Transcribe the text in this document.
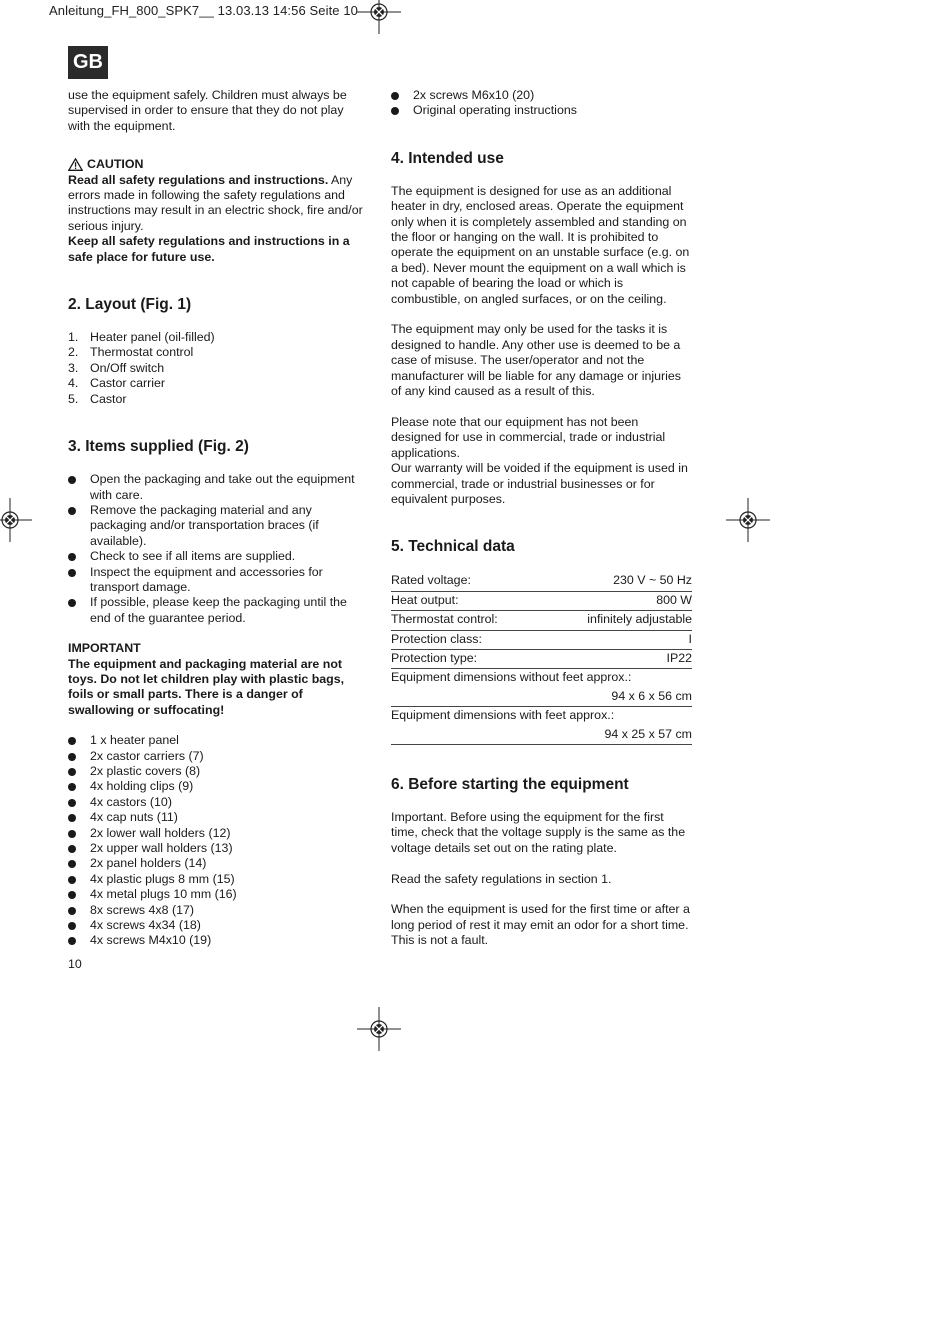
Anleitung_FH_800_SPK7__ 13.03.13 14:56 Seite 10
GB

use the equipment safely. Children must always be supervised in order to ensure that they do not play with the equipment.

CAUTION

Read all safety regulations and instructions. Any errors made in following the safety regulations and instructions may result in an electric shock, fire and/or serious injury.

Keep all safety regulations and instructions in a safe place for future use.

2. Layout (Fig. 1)
1. Heater panel (oil-filled)
2. Thermostat control
3. On/Off switch
4. Castor carrier
5. Castor
3. Items supplied (Fig. 2)
Open the packaging and take out the equipment with care.
Remove the packaging material and any packaging and/or transportation braces (if available).
Check to see if all items are supplied.
Inspect the equipment and accessories for transport damage.
If possible, please keep the packaging until the end of the guarantee period.

IMPORTANT

The equipment and packaging material are not toys. Do not let children play with plastic bags, foils or small parts. There is a danger of swallowing or suffocating!

1 x heater panel
2x castor carriers (7)
2x plastic covers (8)
4x holding clips (9)
4x castors (10)
4x cap nuts (11)
2x lower wall holders (12)
2x upper wall holders (13)
2x panel holders (14)
4x plastic plugs 8 mm (15)
4x metal plugs 10 mm (16)
8x screws 4x8 (17)
4x screws 4x34 (18)
4x screws M4x10 (19)
2x screws M6x10 (20)
Original operating instructions
4. Intended use

The equipment is designed for use as an additional heater in dry, enclosed areas. Operate the equipment only when it is completely assembled and standing on the floor or hanging on the wall. It is prohibited to operate the equipment on an unstable surface (e.g. on a bed). Never mount the equipment on a wall which is not capable of bearing the load or which is combustible, on angled surfaces, or on the ceiling.

The equipment may only be used for the tasks it is designed to handle. Any other use is deemed to be a case of misuse. The user/operator and not the manufacturer will be liable for any damage or injuries of any kind caused as a result of this.

Please note that our equipment has not been designed for use in commercial, trade or industrial applications.

Our warranty will be voided if the equipment is used in commercial, trade or industrial businesses or for equivalent purposes.

5. Technical data
Rated voltage:	230 V ~ 50 Hz
Heat output:	800 W
Thermostat control:	infinitely adjustable
Protection class:	I
Protection type:	IP22
Equipment dimensions without feet approx.:	
94 x 6 x 56 cm	
Equipment dimensions with feet approx.:	
94 x 25 x 57 cm	
6. Before starting the equipment

Important. Before using the equipment for the first time, check that the voltage supply is the same as the voltage details set out on the rating plate.

Read the safety regulations in section 1.

When the equipment is used for the first time or after a long period of rest it may emit an odor for a short time. This is not a fault.

10
